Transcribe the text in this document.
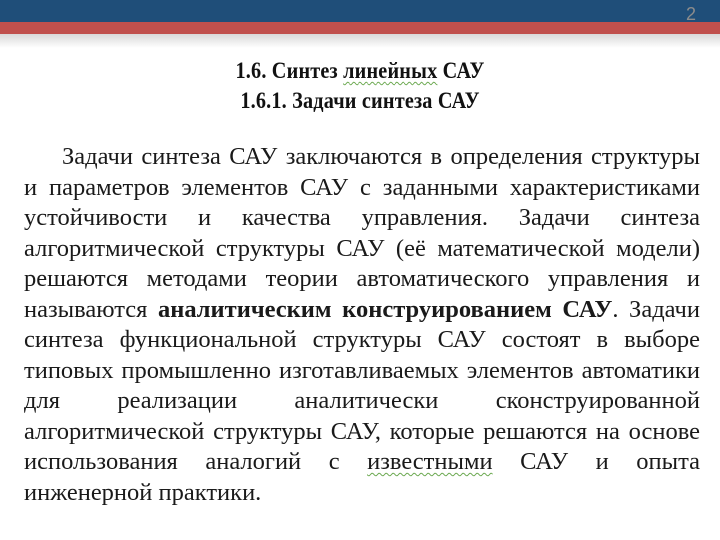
2
1.6. Синтез линейных САУ
1.6.1. Задачи синтеза САУ

Задачи синтеза САУ заключаются в определения структуры и параметров элементов САУ с заданными характеристиками устойчивости и качества управления. Задачи синтеза алгоритмической структуры САУ (её математической модели) решаются методами теории автоматического управления и называются аналитическим конструированием САУ. Задачи синтеза функциональной структуры САУ состоят в выборе типовых промышленно изготавливаемых элементов автоматики для реализации аналитически сконструированной алгоритмической структуры САУ, которые решаются на основе использования аналогий с известными САУ и опыта инженерной практики.
